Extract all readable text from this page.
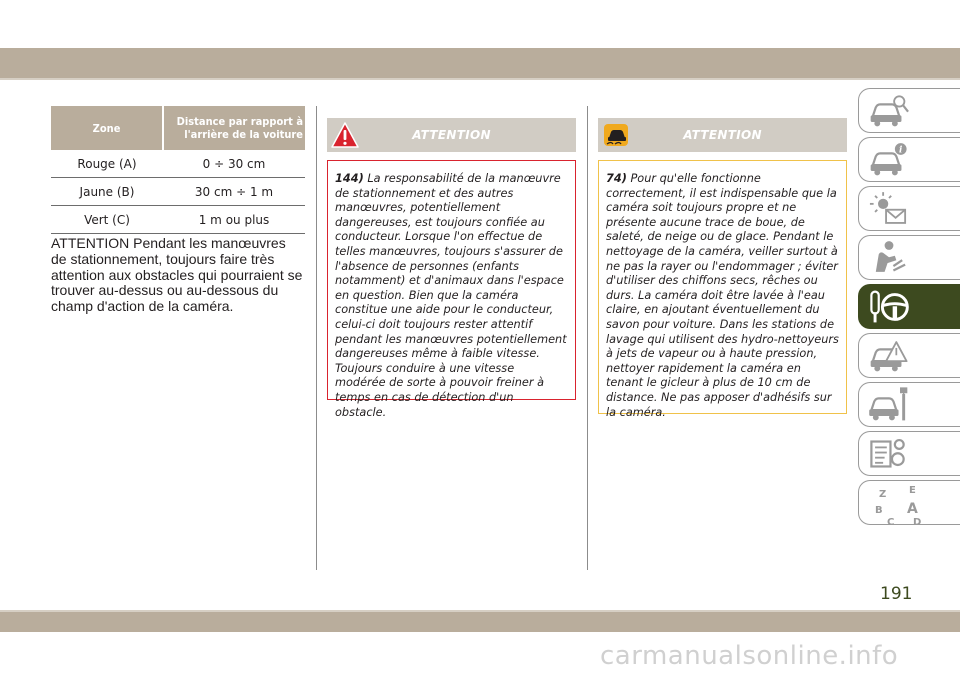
Zone	Distance par rapport à l'arrière de la voiture
Rouge (A)	0 ÷ 30 cm
Jaune (B)	30 cm ÷ 1 m
Vert (C)	1 m ou plus

ATTENTION Pendant les manœuvres de stationnement, toujours faire très attention aux obstacles qui pourraient se trouver au-dessus ou au-dessous du champ d'action de la caméra.

ATTENTION
144) La responsabilité de la manœuvre de stationnement et des autres manœuvres, potentiellement dangereuses, est toujours confiée au conducteur. Lorsque l'on effectue de telles manœuvres, toujours s'assurer de l'absence de personnes (enfants notamment) et d'animaux dans l'espace en question. Bien que la caméra constitue une aide pour le conducteur, celui-ci doit toujours rester attentif pendant les manœuvres potentiellement dangereuses même à faible vitesse. Toujours conduire à une vitesse modérée de sorte à pouvoir freiner à temps en cas de détection d'un obstacle.
ATTENTION
74) Pour qu'elle fonctionne correctement, il est indispensable que la caméra soit toujours propre et ne présente aucune trace de boue, de saleté, de neige ou de glace. Pendant le nettoyage de la caméra, veiller surtout à ne pas la rayer ou l'endommager ; éviter d'utiliser des chiffons secs, rêches ou durs. La caméra doit être lavée à l'eau claire, en ajoutant éventuellement du savon pour voiture. Dans les stations de lavage qui utilisent des hydro-nettoyeurs à jets de vapeur ou à haute pression, nettoyer rapidement la caméra en tenant le gicleur à plus de 10 cm de distance. Ne pas apposer d'adhésifs sur la caméra.
i
191
carmanualsonline.info
Z E
B A
C D
